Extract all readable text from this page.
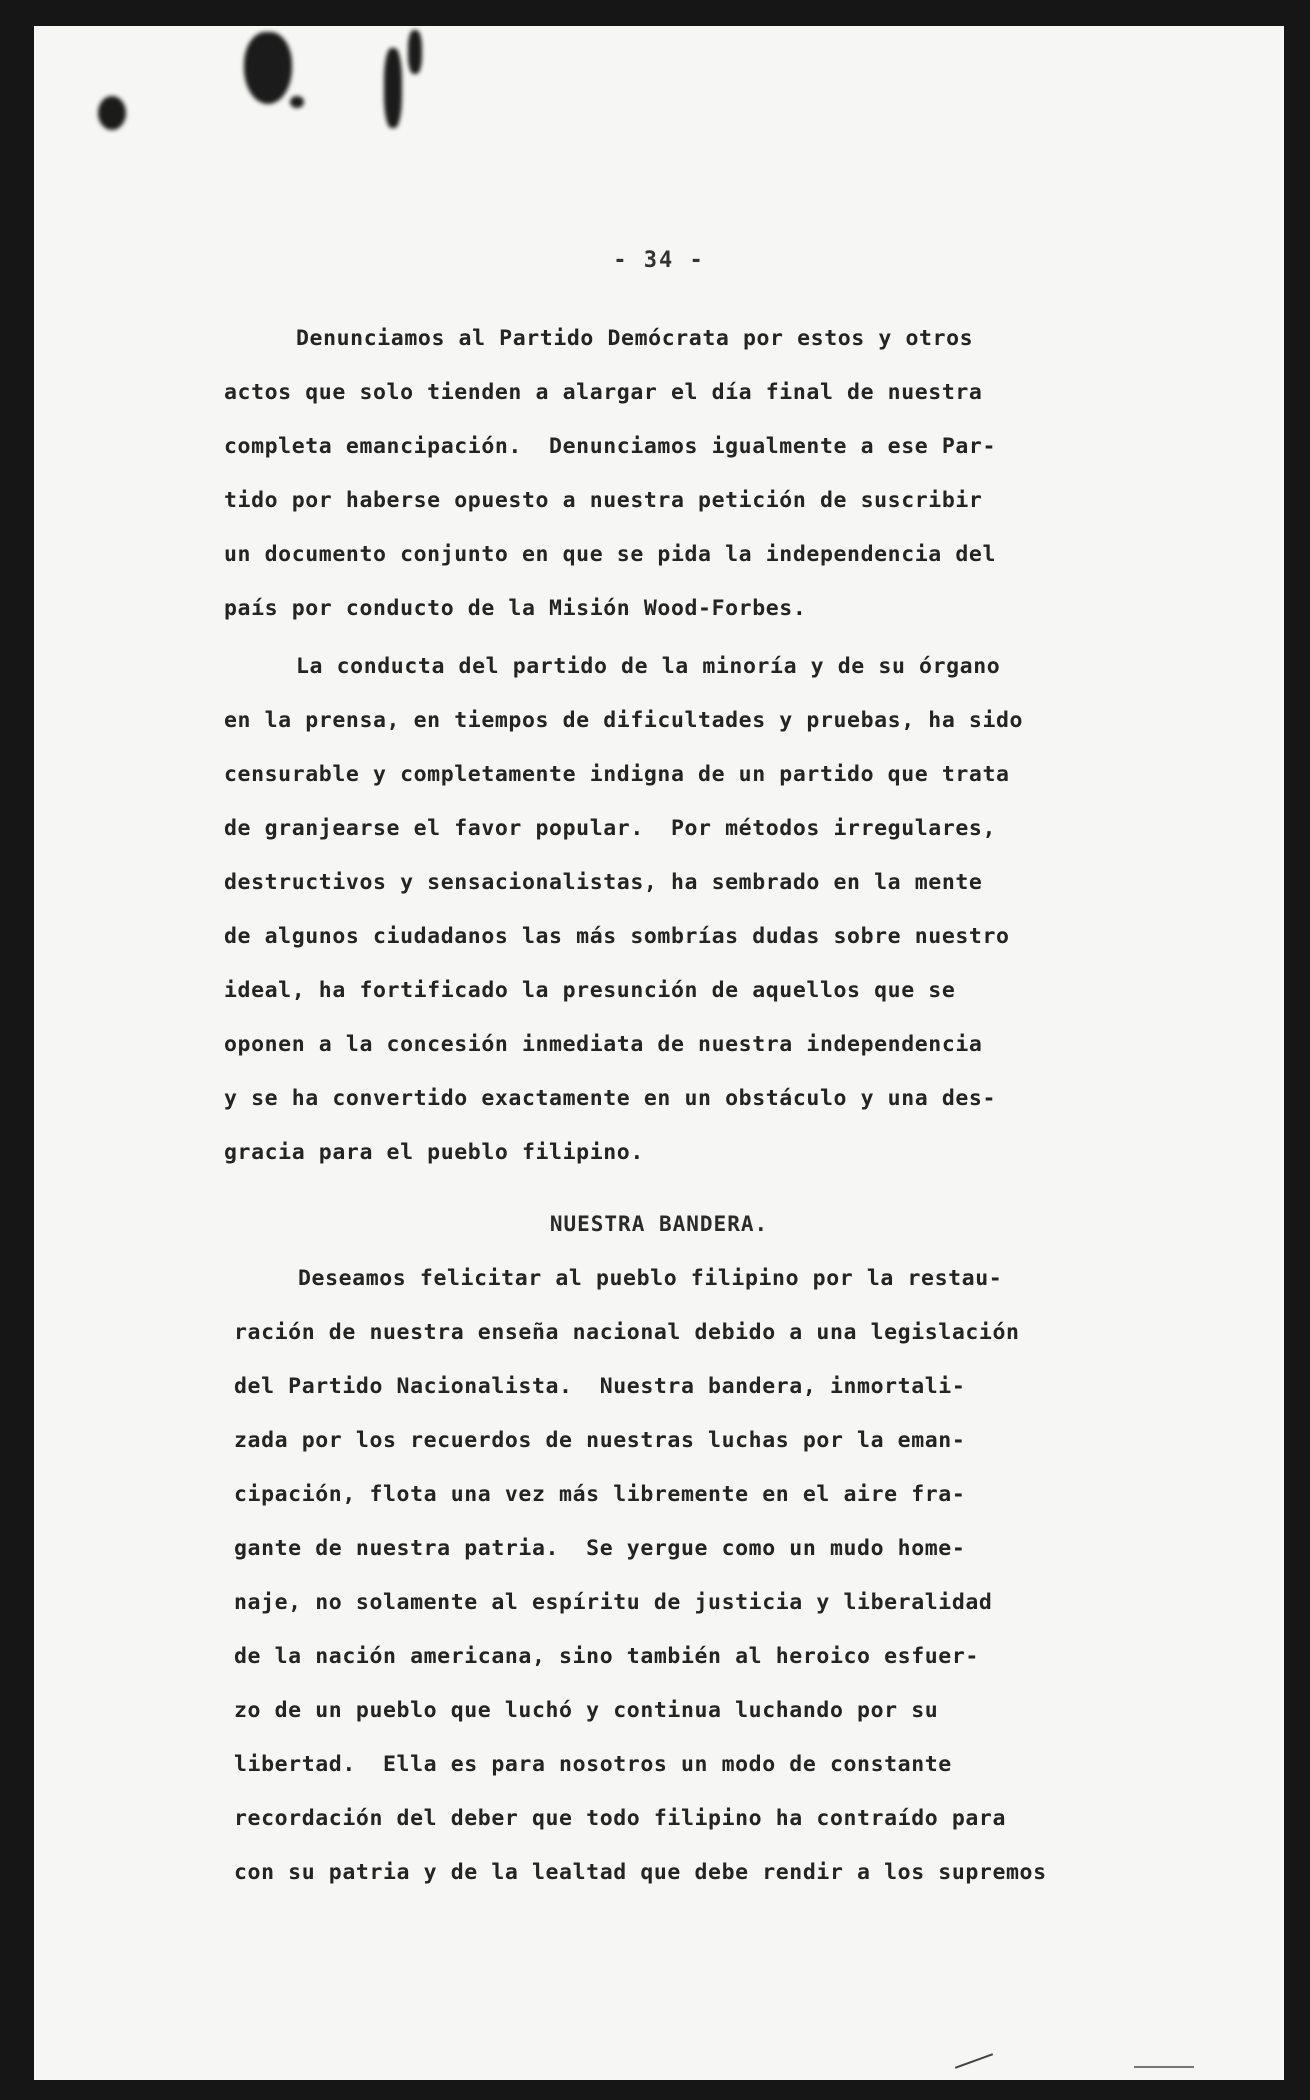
- 34 -
Denunciamos al Partido Demócrata por estos y otros
actos que solo tienden a alargar el día final de nuestra
completa emancipación.  Denunciamos igualmente a ese Par-
tido por haberse opuesto a nuestra petición de suscribir
un documento conjunto en que se pida la independencia del
país por conducto de la Misión Wood-Forbes.
La conducta del partido de la minoría y de su órgano
en la prensa, en tiempos de dificultades y pruebas, ha sido
censurable y completamente indigna de un partido que trata
de granjearse el favor popular.  Por métodos irregulares,
destructivos y sensacionalistas, ha sembrado en la mente
de algunos ciudadanos las más sombrías dudas sobre nuestro
ideal, ha fortificado la presunción de aquellos que se
oponen a la concesión inmediata de nuestra independencia
y se ha convertido exactamente en un obstáculo y una des-
gracia para el pueblo filipino.
NUESTRA BANDERA.
Deseamos felicitar al pueblo filipino por la restau-
ración de nuestra enseña nacional debido a una legislación
del Partido Nacionalista.  Nuestra bandera, inmortali-
zada por los recuerdos de nuestras luchas por la eman-
cipación, flota una vez más libremente en el aire fra-
gante de nuestra patria.  Se yergue como un mudo home-
naje, no solamente al espíritu de justicia y liberalidad
de la nación americana, sino también al heroico esfuer-
zo de un pueblo que luchó y continua luchando por su
libertad.  Ella es para nosotros un modo de constante
recordación del deber que todo filipino ha contraído para
con su patria y de la lealtad que debe rendir a los supremos
